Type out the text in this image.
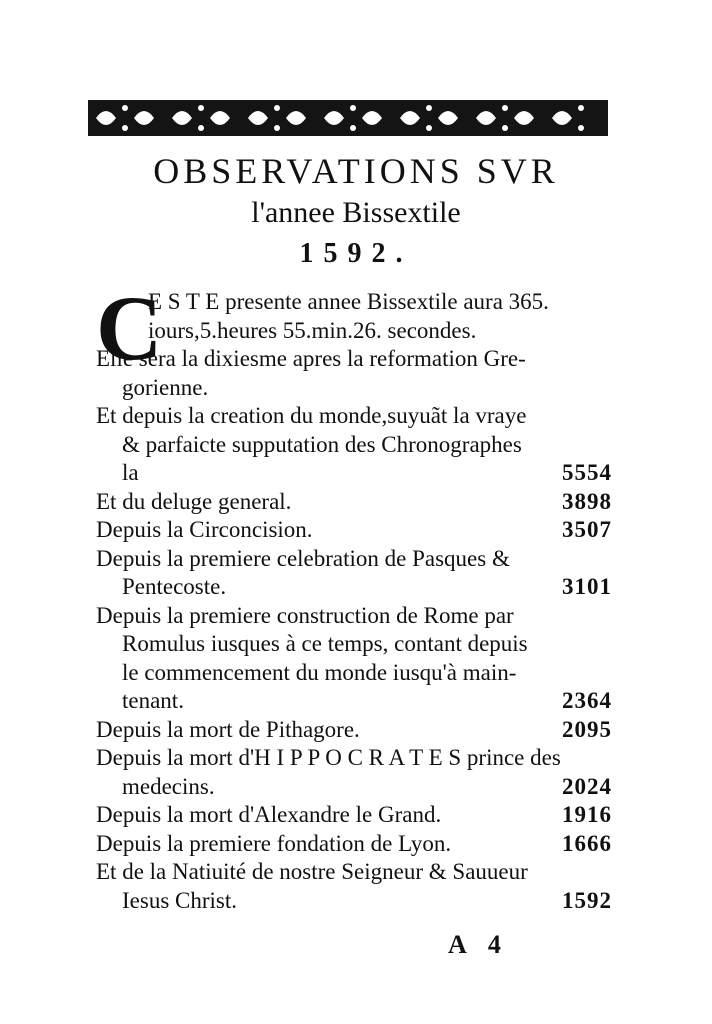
OBSERVATIONS SVR
l'annee Bissextile
1592.
C
E S T E presente annee Bissextile aura 365.
iours,5.heures 55.min.26. secondes.
Elle sera la dixiesme apres la reformation Gre-
gorienne.
Et depuis la creation du monde,suyuãt la vraye
& parfaicte supputation des Chronographes
la	5554
Et du deluge general.	3898
Depuis la Circoncision.	3507
Depuis la premiere celebration de Pasques &
Pentecoste.	3101
Depuis la premiere construction de Rome par
Romulus iusques à ce temps, contant depuis
le commencement du monde iusqu'à main-
tenant.	2364
Depuis la mort de Pithagore.	2095
Depuis la mort d'H I P P O C R A T E S prince des
medecins.	2024
Depuis la mort d'Alexandre le Grand.	1916
Depuis la premiere fondation de Lyon.	1666
Et de la Natiuité de nostre Seigneur & Sauueur
Iesus Christ.	1592
A 4
